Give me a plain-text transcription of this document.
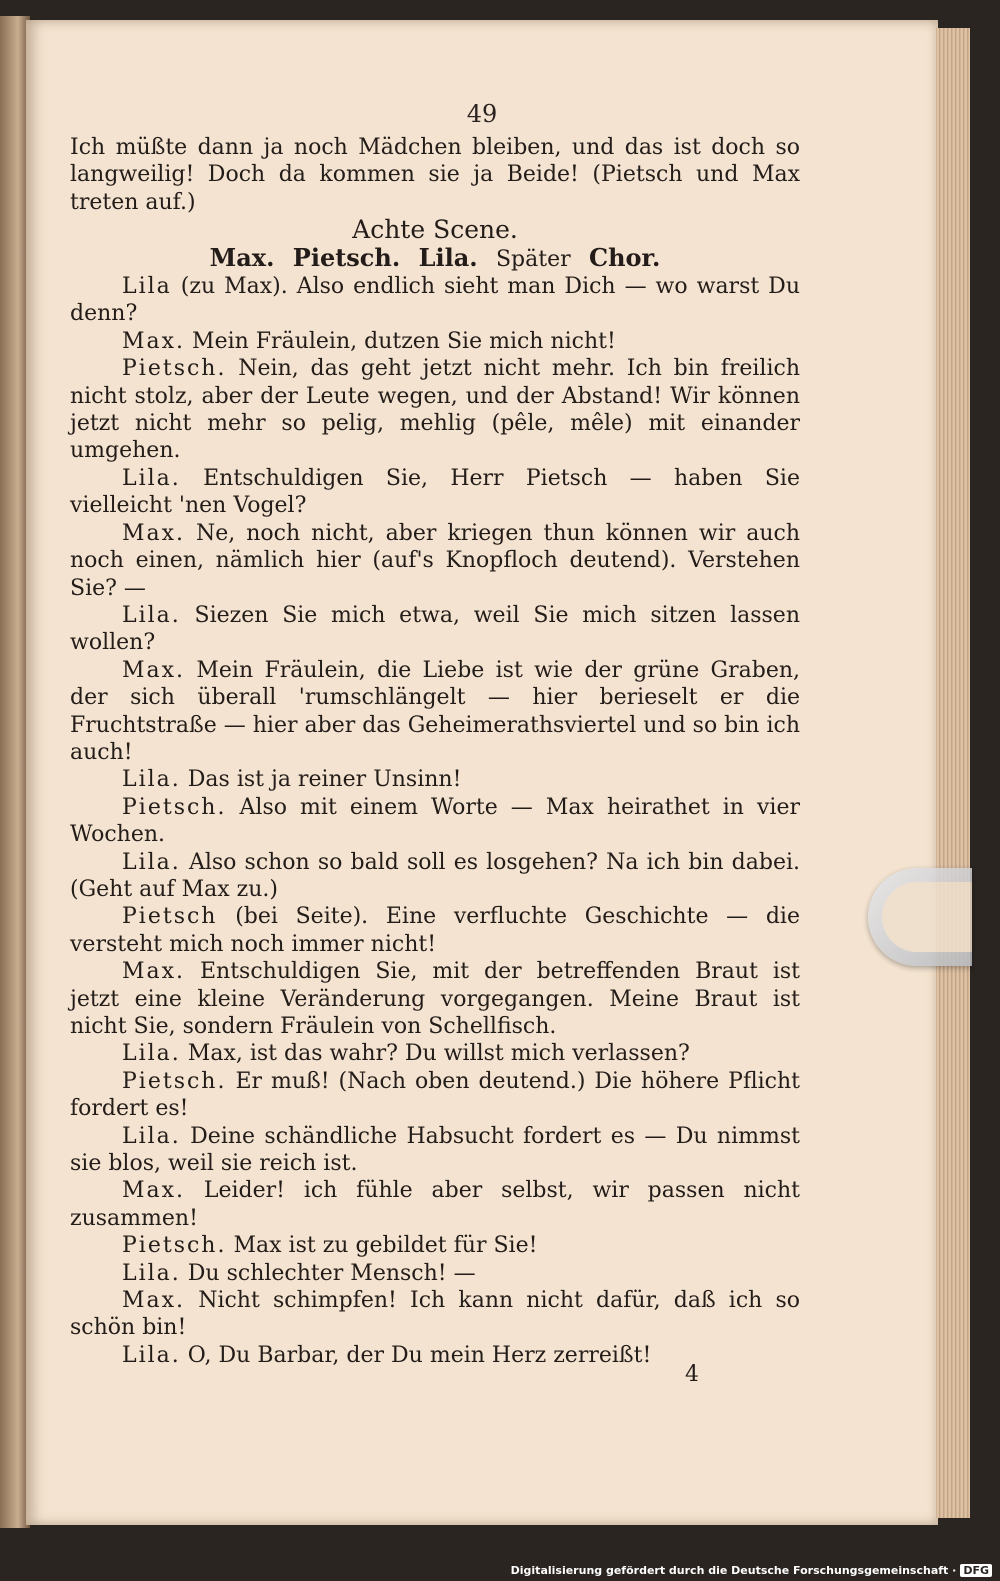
49

Ich müßte dann ja noch Mädchen bleiben, und das ist doch so langweilig! Doch da kommen sie ja Beide! (Pietsch und Max treten auf.)

Achte Scene.

Max. Pietsch. Lila. Später Chor.

Lila (zu Max). Also endlich sieht man Dich — wo warst Du denn?

Max. Mein Fräulein, dutzen Sie mich nicht!

Pietsch. Nein, das geht jetzt nicht mehr. Ich bin freilich nicht stolz, aber der Leute wegen, und der Abstand! Wir können jetzt nicht mehr so pelig, mehlig (pêle, mêle) mit einander umgehen.

Lila. Entschuldigen Sie, Herr Pietsch — haben Sie vielleicht 'nen Vogel?

Max. Ne, noch nicht, aber kriegen thun können wir auch noch einen, nämlich hier (auf's Knopfloch deutend). Verstehen Sie? —

Lila. Siezen Sie mich etwa, weil Sie mich sitzen lassen wollen?

Max. Mein Fräulein, die Liebe ist wie der grüne Graben, der sich überall 'rumschlängelt — hier berieselt er die Fruchtstraße — hier aber das Geheimerathsviertel und so bin ich auch!

Lila. Das ist ja reiner Unsinn!

Pietsch. Also mit einem Worte — Max heirathet in vier Wochen.

Lila. Also schon so bald soll es losgehen? Na ich bin dabei. (Geht auf Max zu.)

Pietsch (bei Seite). Eine verfluchte Geschichte — die versteht mich noch immer nicht!

Max. Entschuldigen Sie, mit der betreffenden Braut ist jetzt eine kleine Veränderung vorgegangen. Meine Braut ist nicht Sie, sondern Fräulein von Schellfisch.

Lila. Max, ist das wahr? Du willst mich verlassen?

Pietsch. Er muß! (Nach oben deutend.) Die höhere Pflicht fordert es!

Lila. Deine schändliche Habsucht fordert es — Du nimmst sie blos, weil sie reich ist.

Max. Leider! ich fühle aber selbst, wir passen nicht zusammen!

Pietsch. Max ist zu gebildet für Sie!

Lila. Du schlechter Mensch! —

Max. Nicht schimpfen! Ich kann nicht dafür, daß ich so schön bin!

Lila. O, Du Barbar, der Du mein Herz zerreißt!

4
Digitalisierung gefördert durch die Deutsche Forschungsgemeinschaft · DFG
